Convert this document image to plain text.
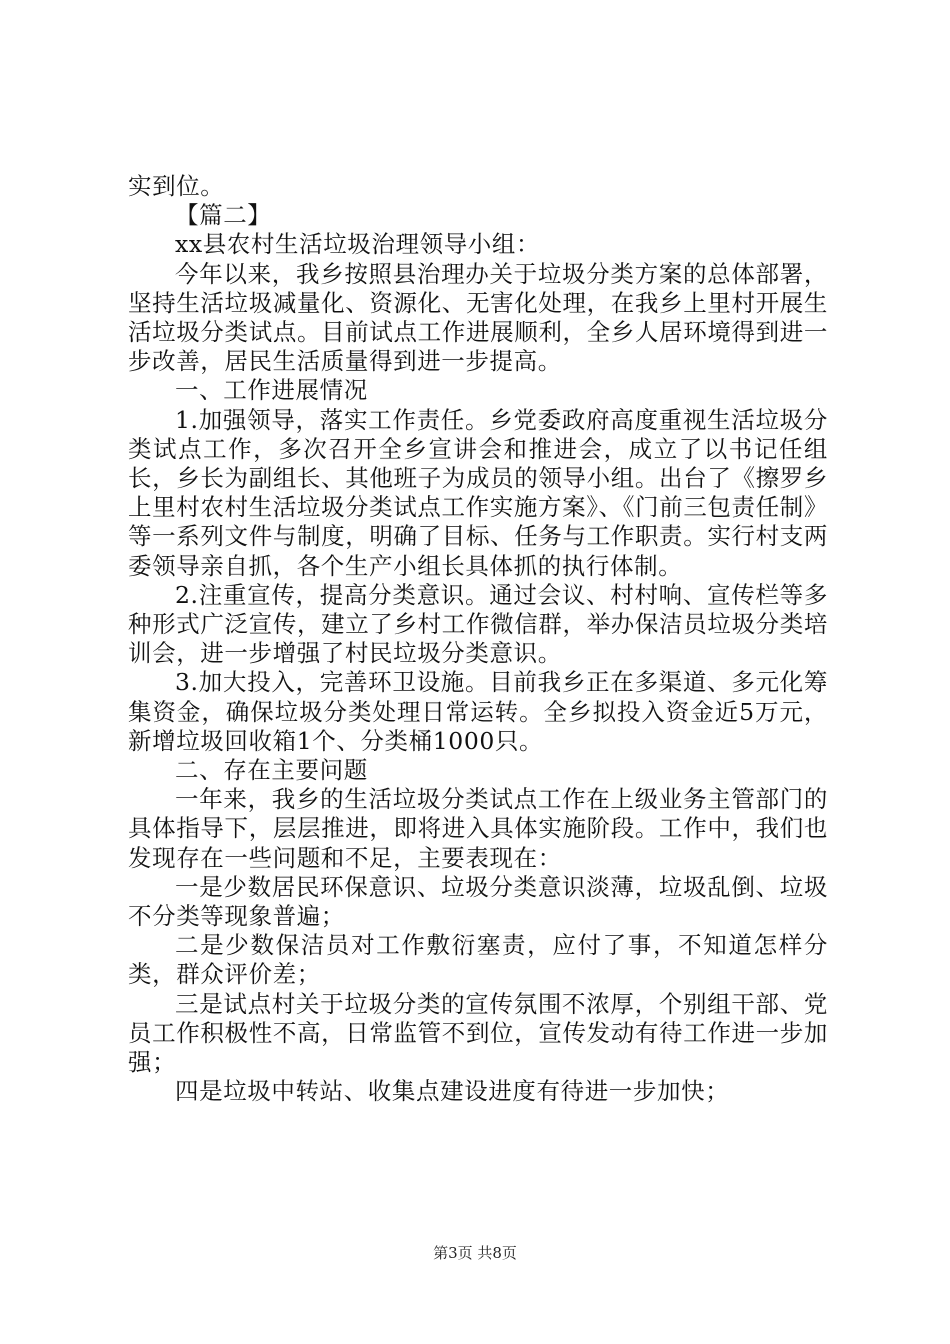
实到位。

【篇二】

xx县农村生活垃圾治理领导小组：

今年以来，我乡按照县治理办关于垃圾分类方案的总体部署，坚持生活垃圾减量化、资源化、无害化处理，在我乡上里村开展生活垃圾分类试点。目前试点工作进展顺利，全乡人居环境得到进一步改善，居民生活质量得到进一步提高。

一、工作进展情况

1.加强领导，落实工作责任。乡党委政府高度重视生活垃圾分类试点工作，多次召开全乡宣讲会和推进会，成立了以书记任组长，乡长为副组长、其他班子为成员的领导小组。出台了《擦罗乡上里村农村生活垃圾分类试点工作实施方案》、《门前三包责任制》等一系列文件与制度，明确了目标、任务与工作职责。实行村支两委领导亲自抓，各个生产小组长具体抓的执行体制。

2.注重宣传，提高分类意识。通过会议、村村响、宣传栏等多种形式广泛宣传，建立了乡村工作微信群，举办保洁员垃圾分类培训会，进一步增强了村民垃圾分类意识。

3.加大投入，完善环卫设施。目前我乡正在多渠道、多元化筹集资金，确保垃圾分类处理日常运转。全乡拟投入资金近5万元，新增垃圾回收箱1个、分类桶1000只。

二、存在主要问题

一年来，我乡的生活垃圾分类试点工作在上级业务主管部门的具体指导下，层层推进，即将进入具体实施阶段。工作中，我们也发现存在一些问题和不足，主要表现在：

一是少数居民环保意识、垃圾分类意识淡薄，垃圾乱倒、垃圾不分类等现象普遍；

二是少数保洁员对工作敷衍塞责，应付了事，不知道怎样分类，群众评价差；

三是试点村关于垃圾分类的宣传氛围不浓厚，个别组干部、党员工作积极性不高，日常监管不到位，宣传发动有待工作进一步加强；

四是垃圾中转站、收集点建设进度有待进一步加快；

第3页 共8页
